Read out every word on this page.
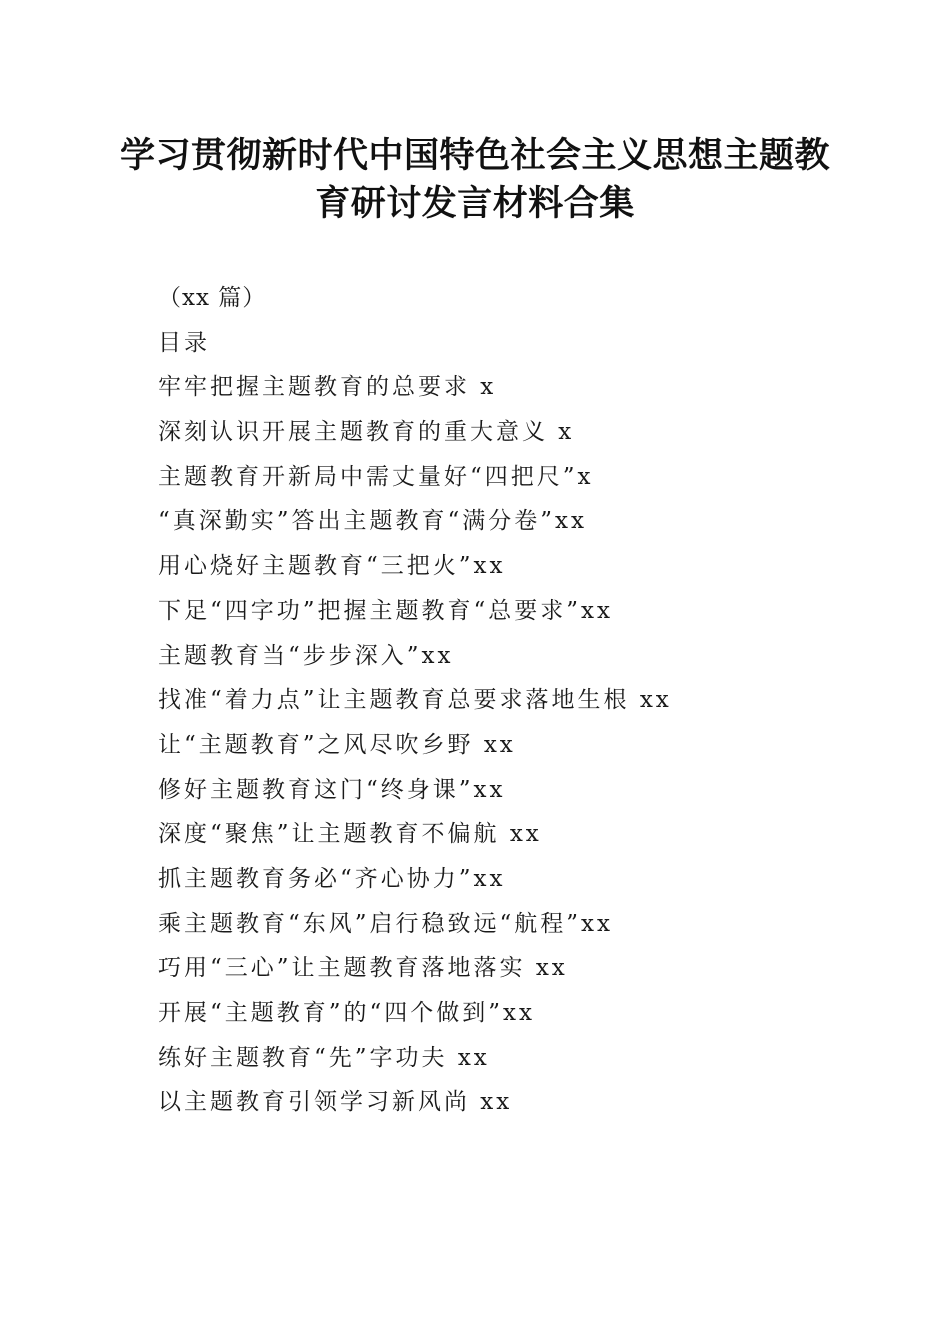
学习贯彻新时代中国特色社会主义思想主题教
育研讨发言材料合集
（xx 篇）
目录
牢牢把握主题教育的总要求 x
深刻认识开展主题教育的重大意义 x
主题教育开新局中需丈量好“四把尺”x
“真深勤实”答出主题教育“满分卷”xx
用心烧好主题教育“三把火”xx
下足“四字功”把握主题教育“总要求”xx
主题教育当“步步深入”xx
找准“着力点”让主题教育总要求落地生根 xx
让“主题教育”之风尽吹乡野 xx
修好主题教育这门“终身课”xx
深度“聚焦”让主题教育不偏航 xx
抓主题教育务必“齐心协力”xx
乘主题教育“东风”启行稳致远“航程”xx
巧用“三心”让主题教育落地落实 xx
开展“主题教育”的“四个做到”xx
练好主题教育“先”字功夫 xx
以主题教育引领学习新风尚 xx
